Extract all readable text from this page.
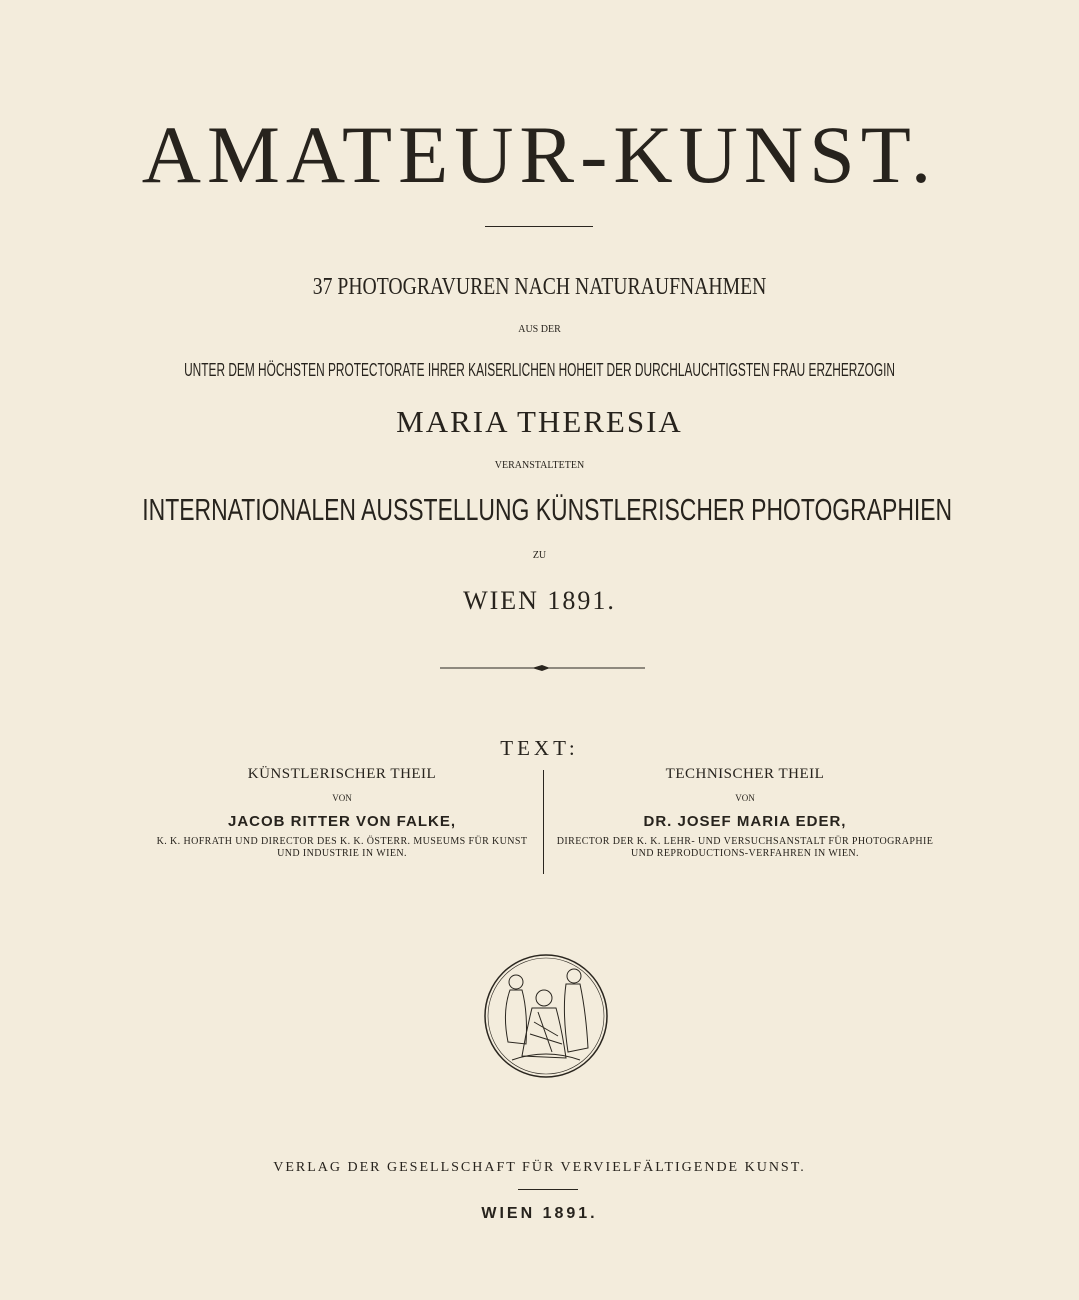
AMATEUR-KUNST.
37 PHOTOGRAVUREN NACH NATURAUFNAHMEN
AUS DER
UNTER DEM HÖCHSTEN PROTECTORATE IHRER KAISERLICHEN HOHEIT DER DURCHLAUCHTIGSTEN FRAU ERZHERZOGIN
MARIA THERESIA
VERANSTALTETEN
INTERNATIONALEN AUSSTELLUNG KÜNSTLERISCHER PHOTOGRAPHIEN
ZU
WIEN 1891.
TEXT:
KÜNSTLERISCHER THEIL
VON
JACOB RITTER VON FALKE,
K. K. HOFRATH UND DIRECTOR DES K. K. ÖSTERR. MUSEUMS FÜR KUNST
UND INDUSTRIE IN WIEN.
TECHNISCHER THEIL
VON
DR. JOSEF MARIA EDER,
DIRECTOR DER K. K. LEHR- UND VERSUCHSANSTALT FÜR PHOTOGRAPHIE
UND REPRODUCTIONS-VERFAHREN IN WIEN.
VERLAG DER GESELLSCHAFT FÜR VERVIELFÄLTIGENDE KUNST.
WIEN 1891.
